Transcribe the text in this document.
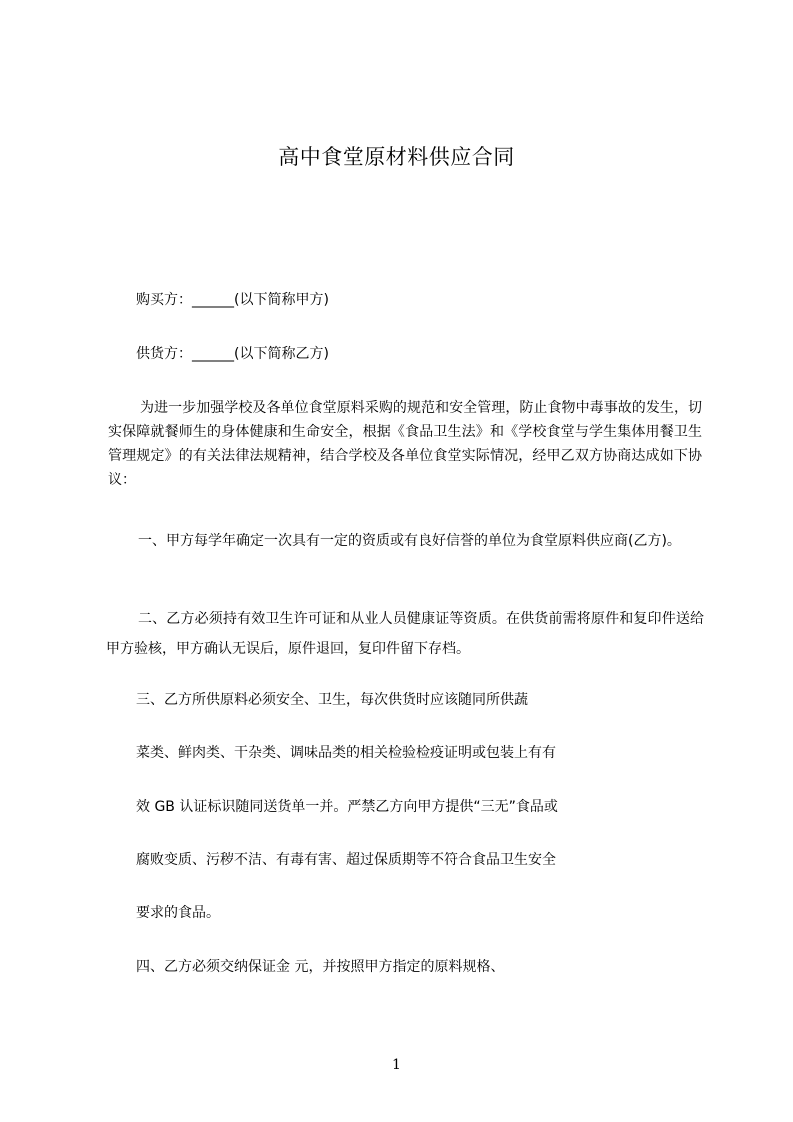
高中食堂原材料供应合同
购买方：______(以下简称甲方)
供货方：______(以下简称乙方)
为进一步加强学校及各单位食堂原料采购的规范和安全管理，防止食物中毒事故的发生，切实保障就餐师生的身体健康和生命安全，根据《食品卫生法》和《学校食堂与学生集体用餐卫生管理规定》的有关法律法规精神，结合学校及各单位食堂实际情况，经甲乙双方协商达成如下协议：
一、甲方每学年确定一次具有一定的资质或有良好信誉的单位为食堂原料供应商(乙方)。
二、乙方必须持有效卫生许可证和从业人员健康证等资质。在供货前需将原件和复印件送给甲方验核，甲方确认无误后，原件退回，复印件留下存档。
三、乙方所供原料必须安全、卫生，每次供货时应该随同所供蔬
菜类、鲜肉类、干杂类、调味品类的相关检验检疫证明或包装上有有
效 GB 认证标识随同送货单一并。严禁乙方向甲方提供“三无”食品或
腐败变质、污秽不洁、有毒有害、超过保质期等不符合食品卫生安全
要求的食品。
四、乙方必须交纳保证金 元，并按照甲方指定的原料规格、
1
